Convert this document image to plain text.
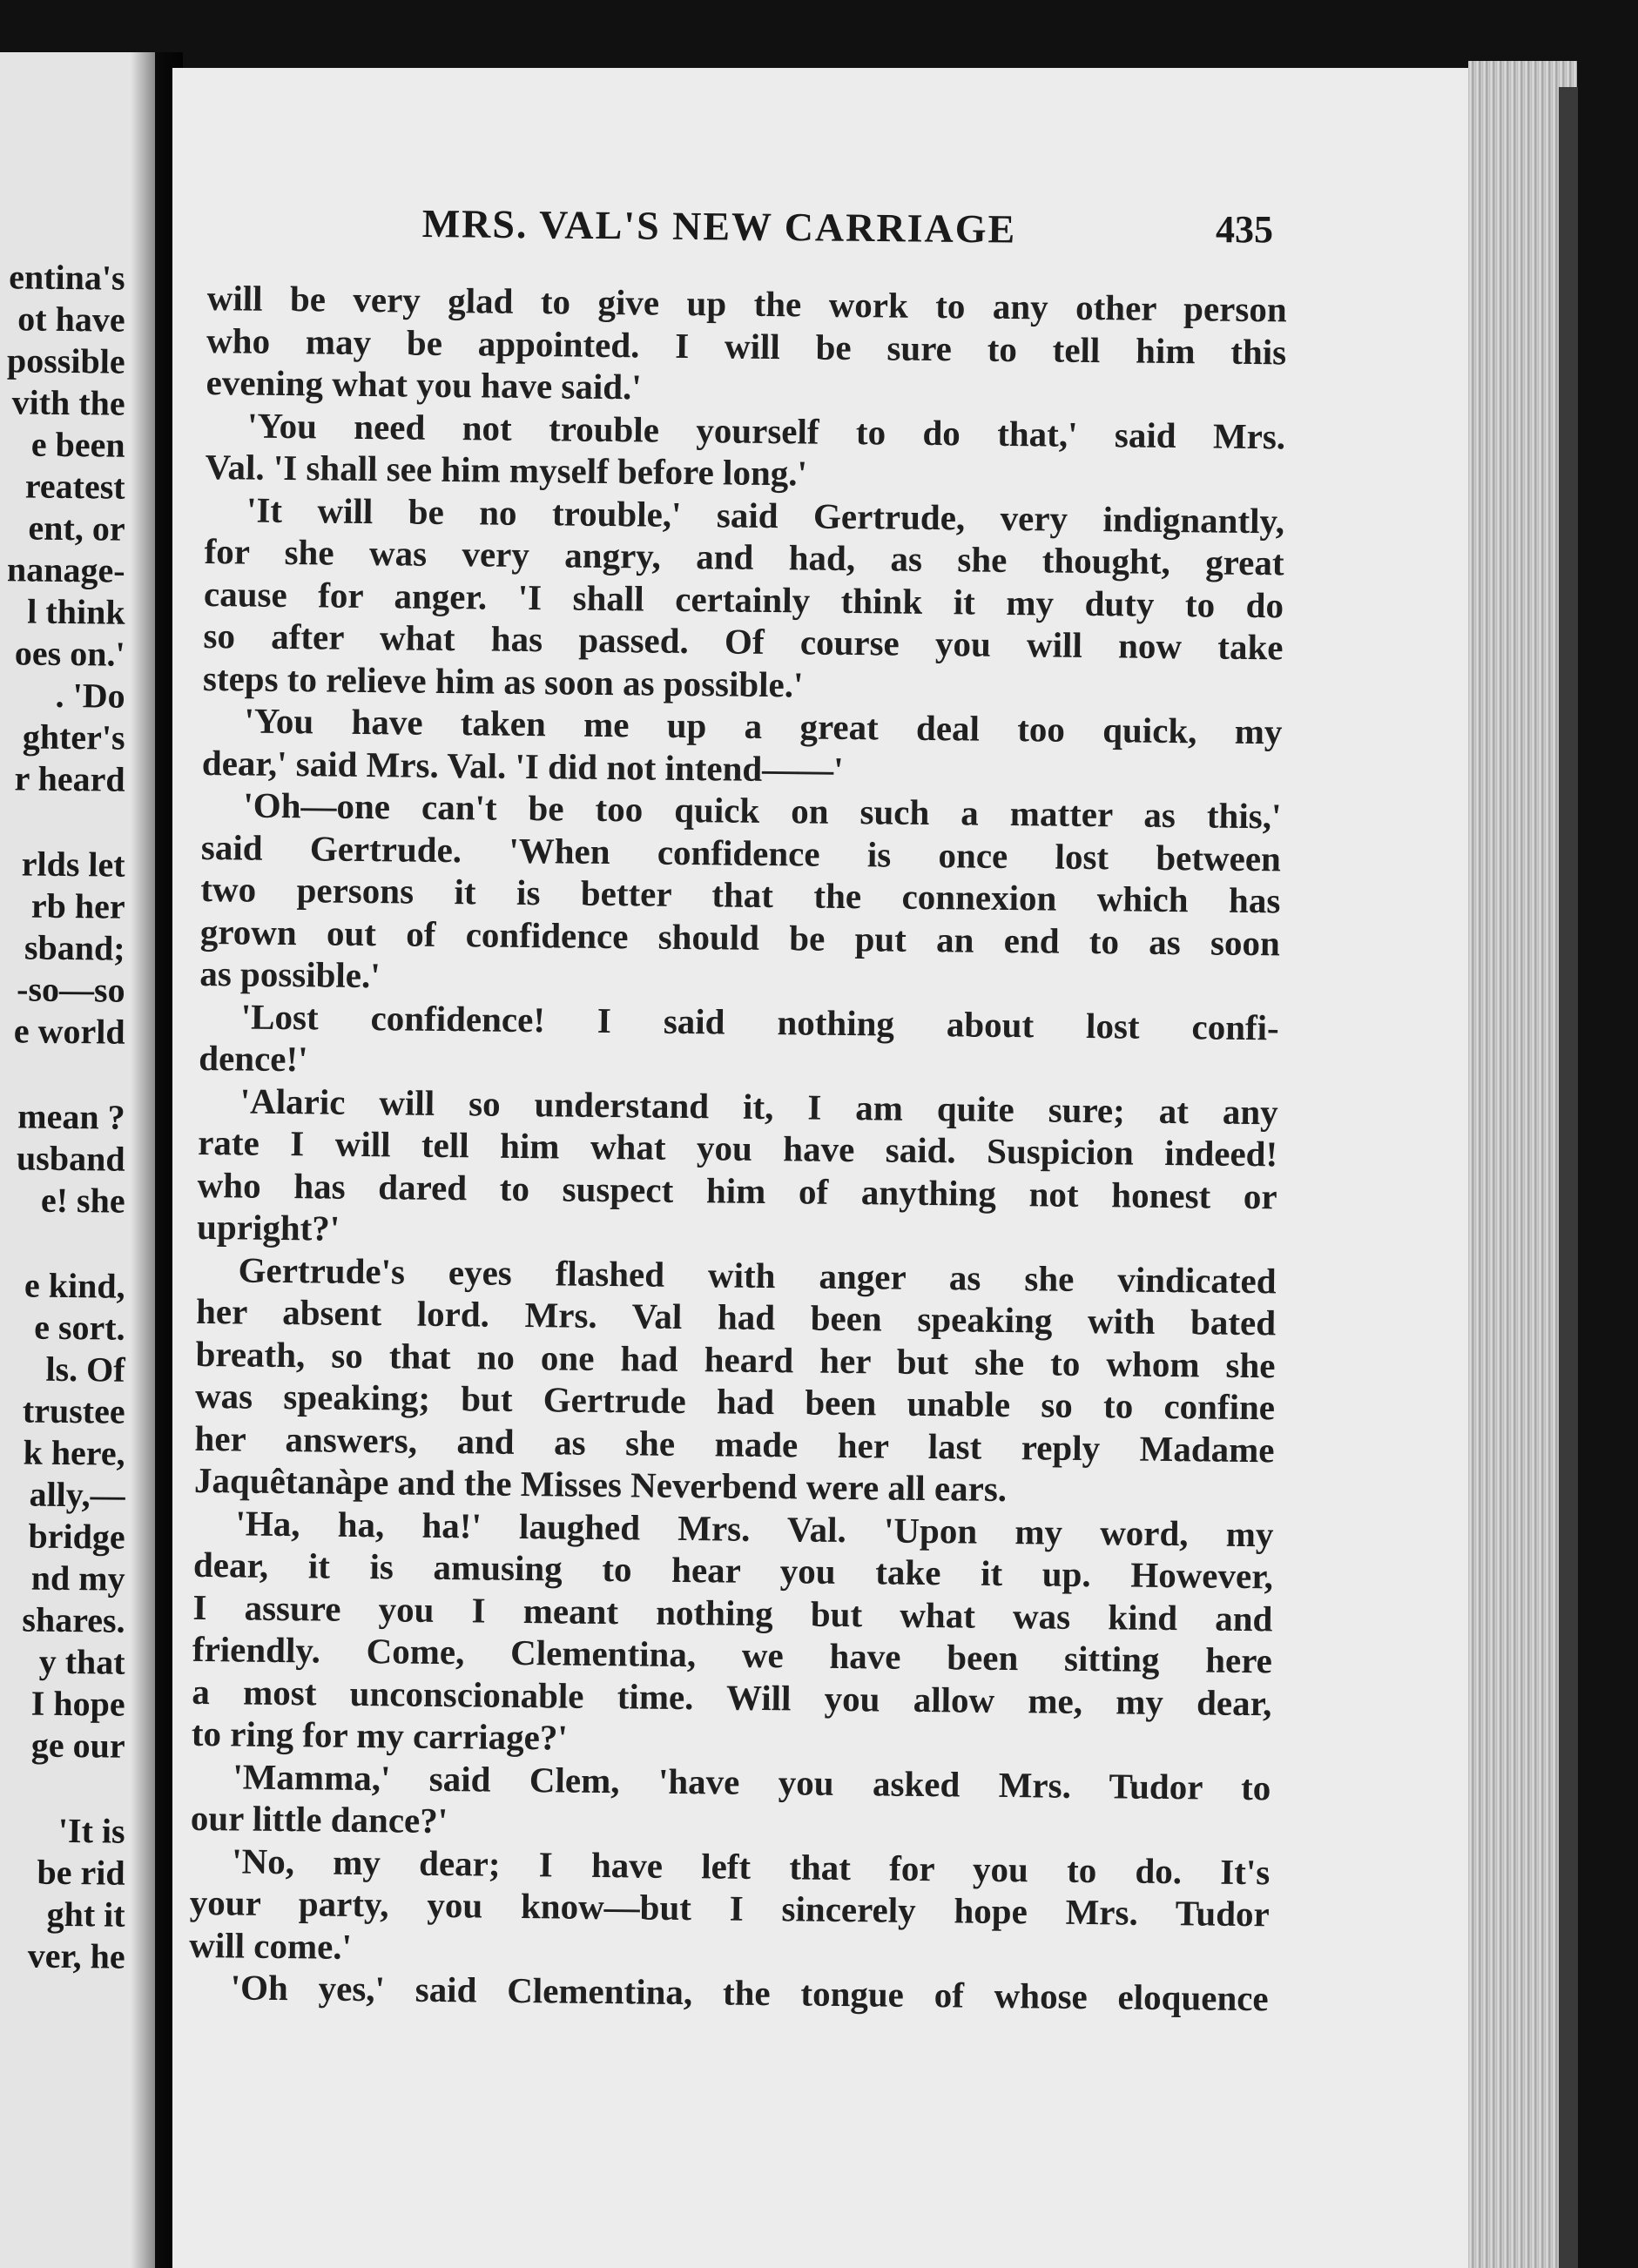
entina's
ot have
possible
vith the
e been
reatest
ent, or
nanage-
l think
oes on.'
. 'Do
ghter's
r heard
rlds let
rb her
sband;
-so—so
e world
mean ?
usband
e! she
e kind,
e sort.
ls. Of
trustee
k here,
ally,—
bridge
nd my
shares.
y that
I hope
ge our
'It is
be rid
ght it
ver, he
MRS. VAL'S NEW CARRIAGE	435
will be very glad to give up the work to any other person
who may be appointed. I will be sure to tell him this
evening what you have said.'
'You need not trouble yourself to do that,' said Mrs.
Val. 'I shall see him myself before long.'
'It will be no trouble,' said Gertrude, very indignantly,
for she was very angry, and had, as she thought, great
cause for anger. 'I shall certainly think it my duty to do
so after what has passed. Of course you will now take
steps to relieve him as soon as possible.'
'You have taken me up a great deal too quick, my
dear,' said Mrs. Val. 'I did not intend——'
'Oh—one can't be too quick on such a matter as this,'
said Gertrude. 'When confidence is once lost between
two persons it is better that the connexion which has
grown out of confidence should be put an end to as soon
as possible.'
'Lost confidence! I said nothing about lost confi-
dence!'
'Alaric will so understand it, I am quite sure; at any
rate I will tell him what you have said. Suspicion indeed!
who has dared to suspect him of anything not honest or
upright?'
Gertrude's eyes flashed with anger as she vindicated
her absent lord. Mrs. Val had been speaking with bated
breath, so that no one had heard her but she to whom she
was speaking; but Gertrude had been unable so to confine
her answers, and as she made her last reply Madame
Jaquêtanàpe and the Misses Neverbend were all ears.
'Ha, ha, ha!' laughed Mrs. Val. 'Upon my word, my
dear, it is amusing to hear you take it up. However,
I assure you I meant nothing but what was kind and
friendly. Come, Clementina, we have been sitting here
a most unconscionable time. Will you allow me, my dear,
to ring for my carriage?'
'Mamma,' said Clem, 'have you asked Mrs. Tudor to
our little dance?'
'No, my dear; I have left that for you to do. It's
your party, you know—but I sincerely hope Mrs. Tudor
will come.'
'Oh yes,' said Clementina, the tongue of whose eloquence
